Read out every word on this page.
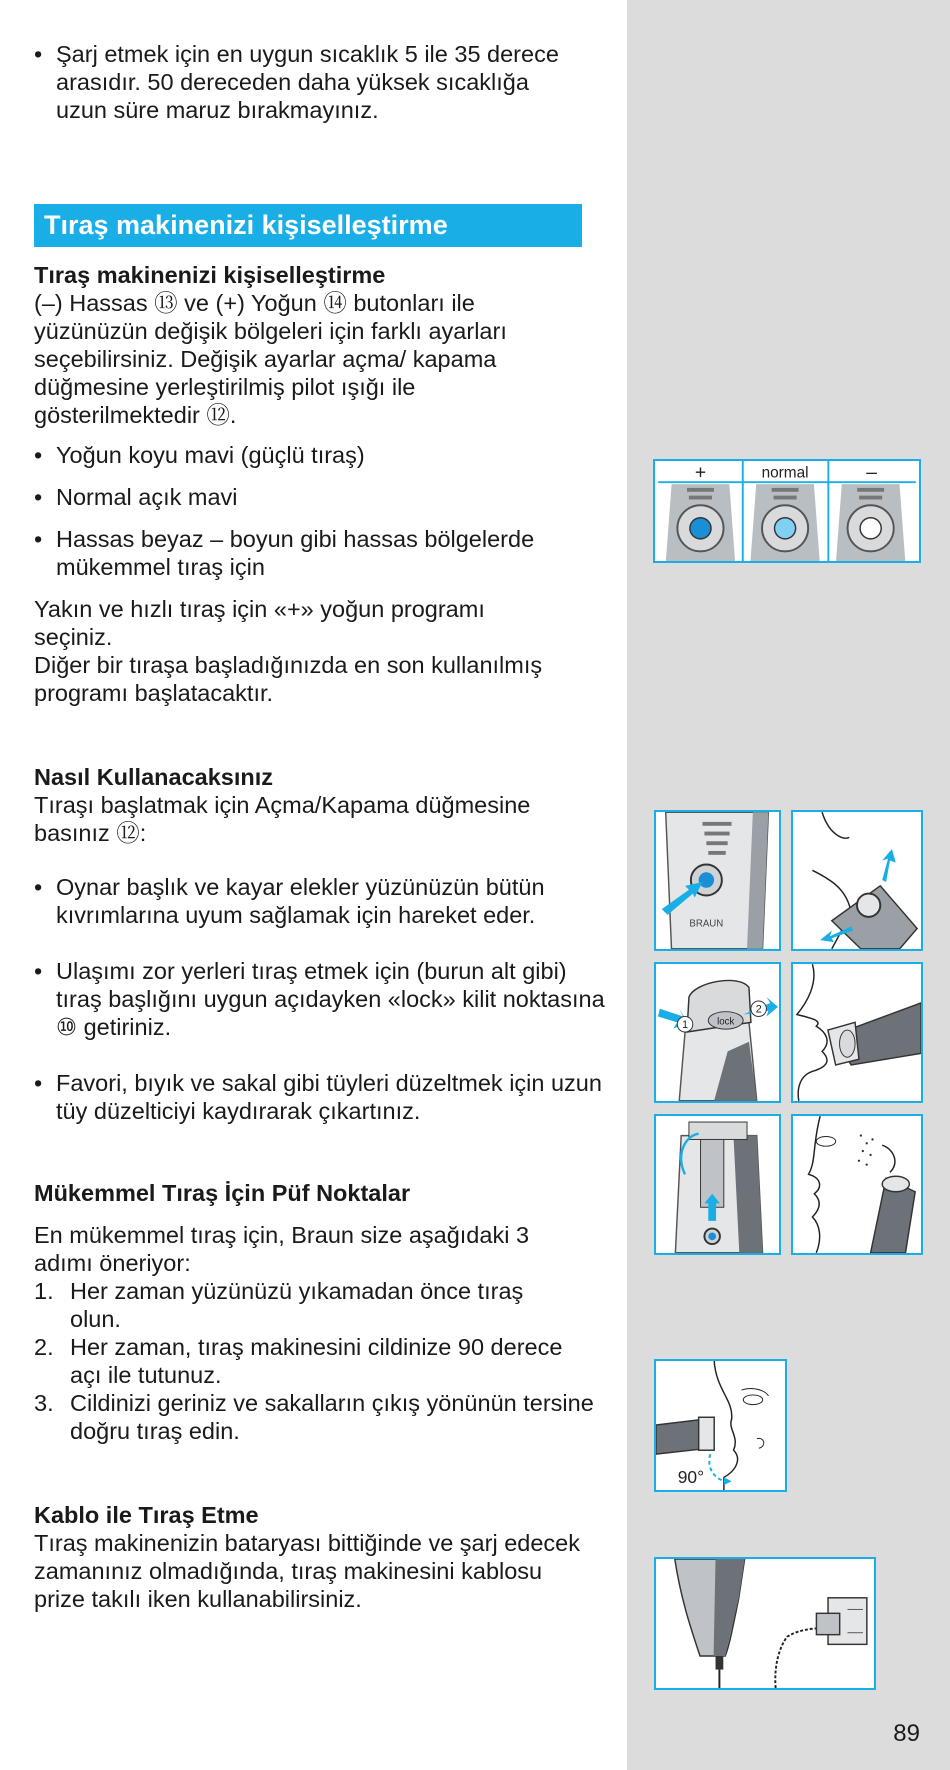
• Şarj etmek için en uygun sıcaklık 5 ile 35 derece arasıdır. 50 dereceden daha yüksek sıcaklığa uzun süre maruz bırakmayınız.
Tıraş makinenizi kişiselleştirme
Tıraş makinenizi kişiselleştirme
(–) Hassas ⑬ ve (+) Yoğun ⑭ butonları ile yüzünüzün değişik bölgeleri için farklı ayarları seçebilirsiniz. Değişik ayarlar açma/ kapama düğmesine yerleştirilmiş pilot ışığı ile gösterilmektedir ⑫.
• Yoğun koyu mavi (güçlü tıraş)
• Normal açık mavi
• Hassas beyaz – boyun gibi hassas bölgelerde mükemmel tıraş için
Yakın ve hızlı tıraş için «+» yoğun programı seçiniz.
Diğer bir tıraşa başladığınızda en son kullanılmış programı başlatacaktır.
Nasıl Kullanacaksınız
Tıraşı başlatmak için Açma/Kapama düğmesine basınız ⑫:
• Oynar başlık ve kayar elekler yüzünüzün bütün kıvrımlarına uyum sağlamak için hareket eder.
• Ulaşımı zor yerleri tıraş etmek için (burun alt gibi) tıraş başlığını uygun açıdayken «lock» kilit noktasına ⑩ getiriniz.
• Favori, bıyık ve sakal gibi tüyleri düzeltmek için uzun tüy düzelticiyi kaydırarak çıkartınız.
Mükemmel Tıraş İçin Püf Noktalar
En mükemmel tıraş için, Braun size aşağıdaki 3 adımı öneriyor:
1. Her zaman yüzünüzü yıkamadan önce tıraş olun.
2. Her zaman, tıraş makinesini cildinize 90 derece açı ile tutunuz.
3. Cildinizi geriniz ve sakalların çıkış yönünün tersine doğru tıraş edin.
Kablo ile Tıraş Etme
Tıraş makinenizin bataryası bittiğinde ve şarj edecek zamanınız olmadığında, tıraş makinesini kablosu prize takılı iken kullanabilirsiniz.
+	normal	–
BRAUN
lock
1
2
90°
89
